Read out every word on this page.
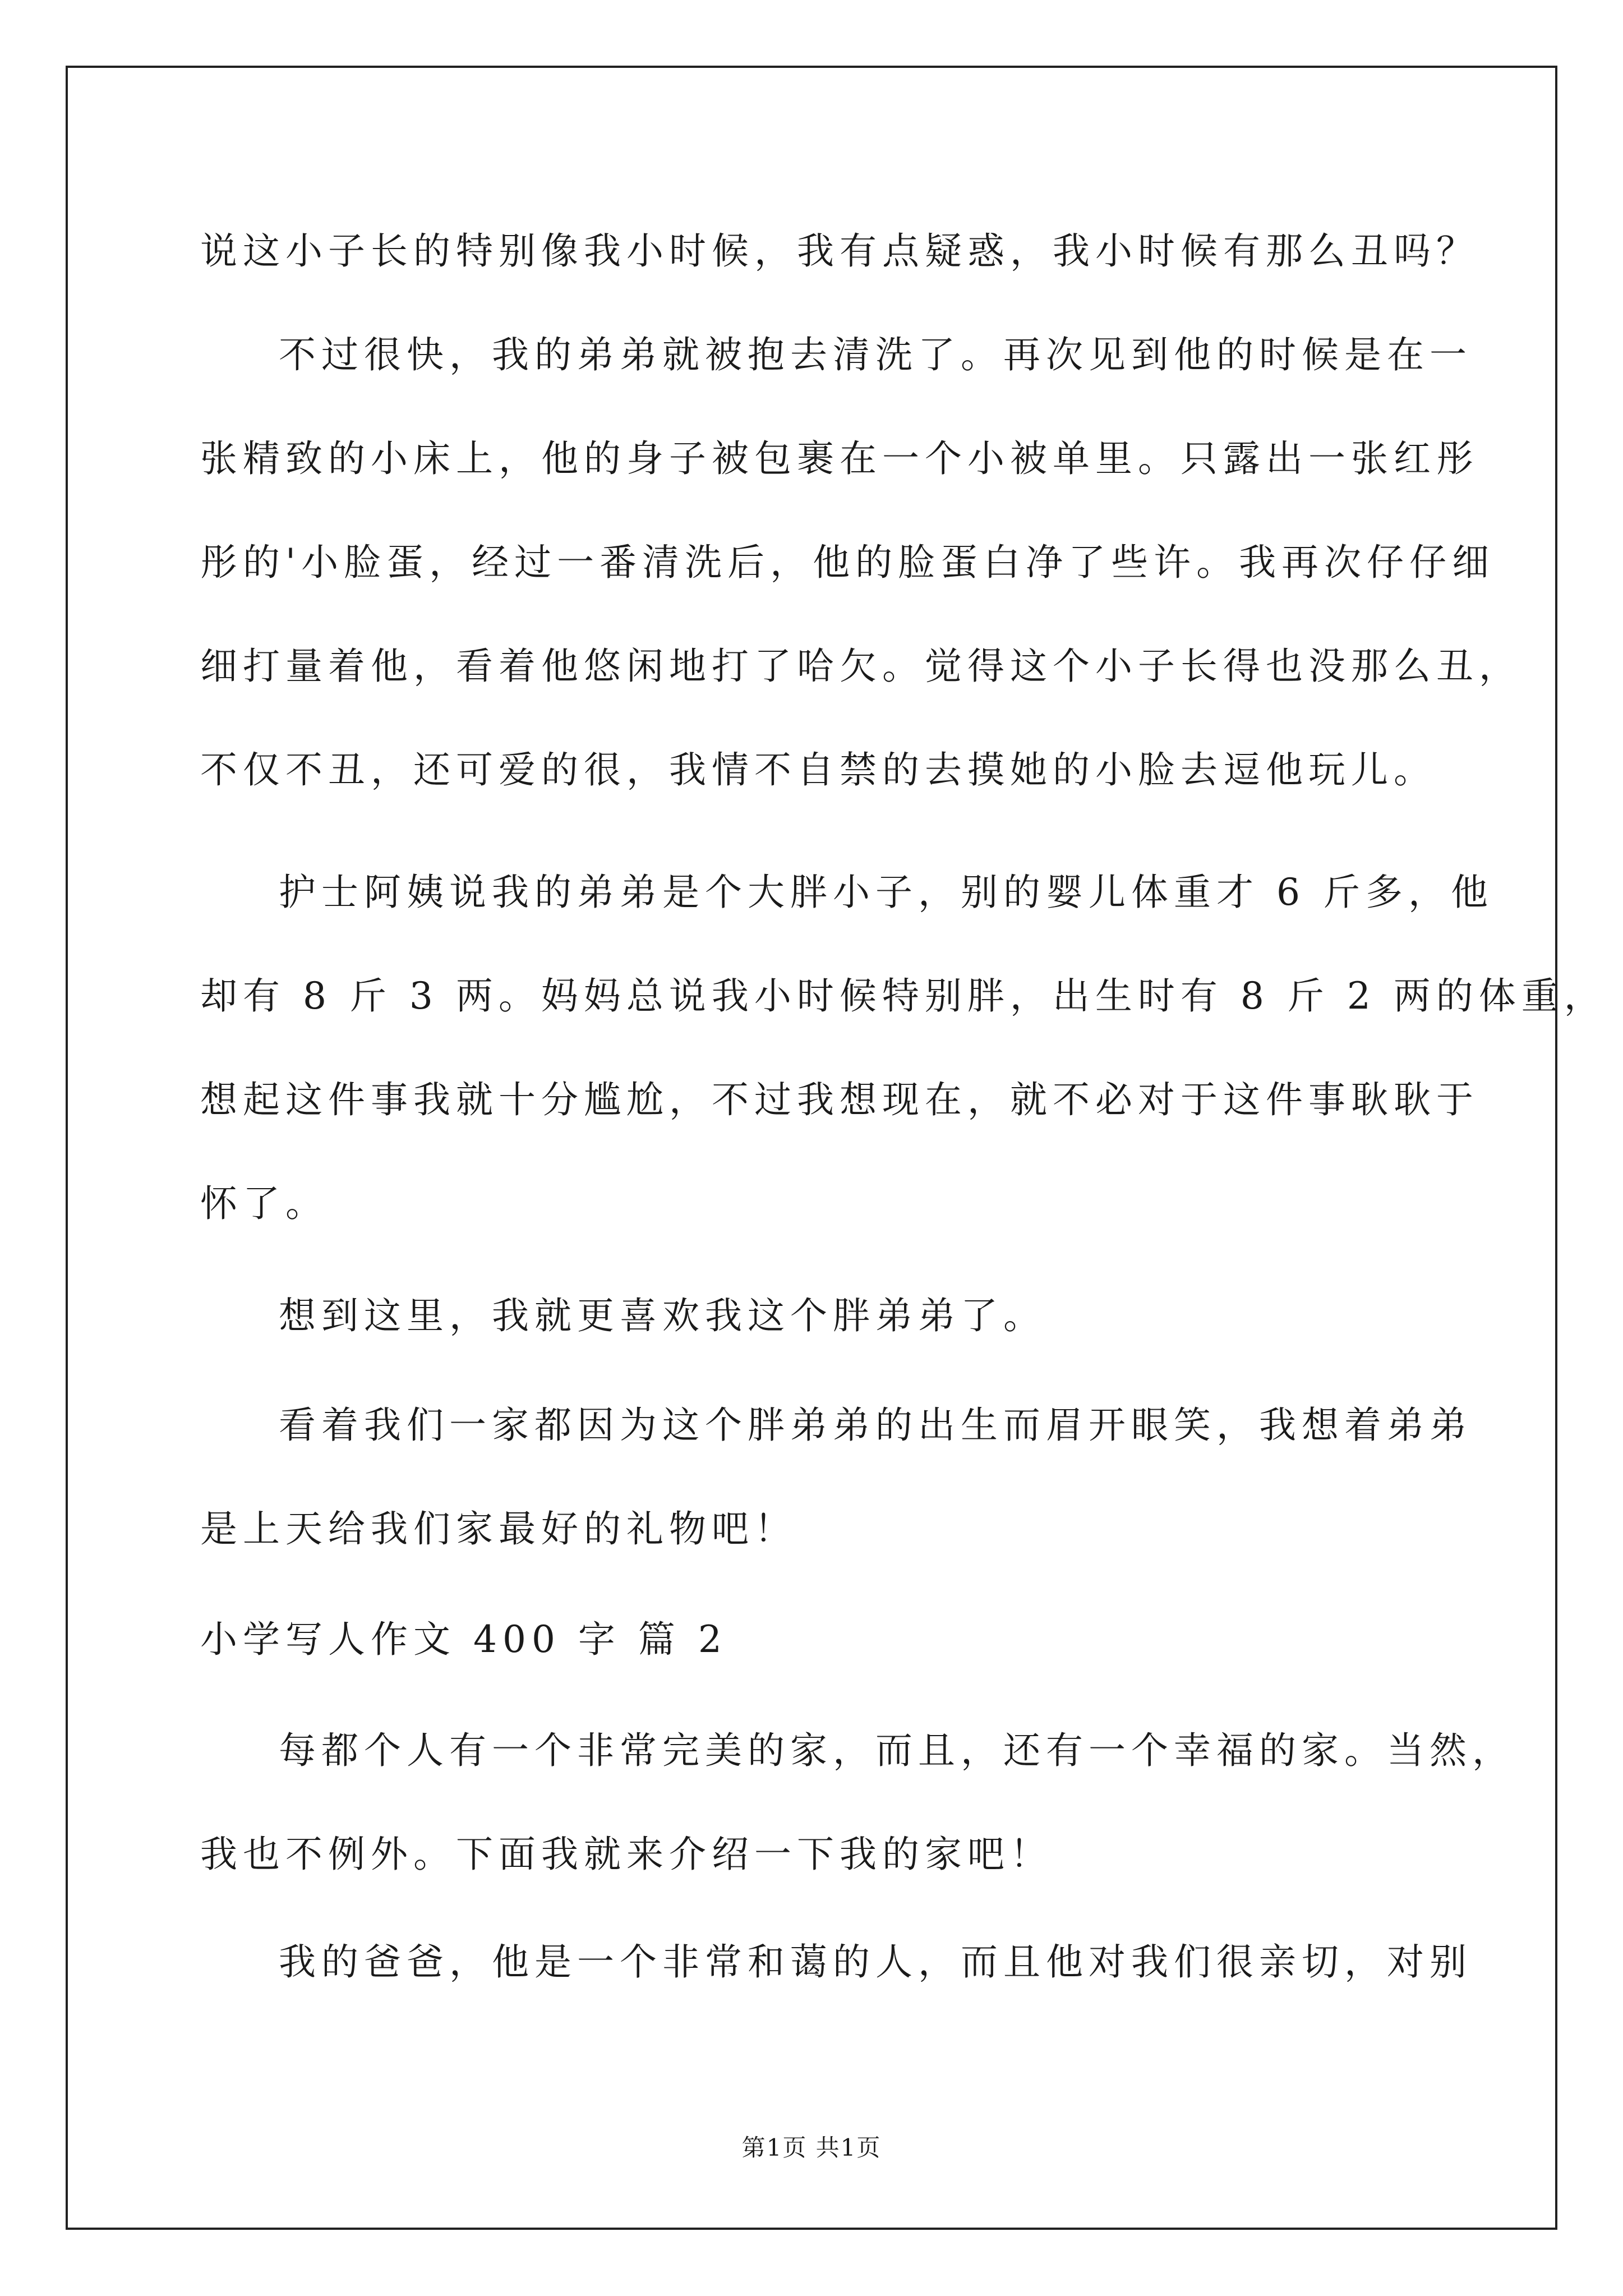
说这小子长的特别像我小时候，我有点疑惑，我小时候有那么丑吗？
不过很快，我的弟弟就被抱去清洗了。再次见到他的时候是在一
张精致的小床上，他的身子被包裹在一个小被单里。只露出一张红彤
彤的'小脸蛋，经过一番清洗后，他的脸蛋白净了些许。我再次仔仔细
细打量着他，看着他悠闲地打了哈欠。觉得这个小子长得也没那么丑，
不仅不丑，还可爱的很，我情不自禁的去摸她的小脸去逗他玩儿。
护士阿姨说我的弟弟是个大胖小子，别的婴儿体重才 6 斤多，他
却有 8 斤 3 两。妈妈总说我小时候特别胖，出生时有 8 斤 2 两的体重，
想起这件事我就十分尴尬，不过我想现在，就不必对于这件事耿耿于
怀了。
想到这里，我就更喜欢我这个胖弟弟了。
看着我们一家都因为这个胖弟弟的出生而眉开眼笑，我想着弟弟
是上天给我们家最好的礼物吧！
小学写人作文 400 字 篇 2
每都个人有一个非常完美的家，而且，还有一个幸福的家。当然，
我也不例外。下面我就来介绍一下我的家吧！
我的爸爸，他是一个非常和蔼的人，而且他对我们很亲切，对别
第1页 共1页
